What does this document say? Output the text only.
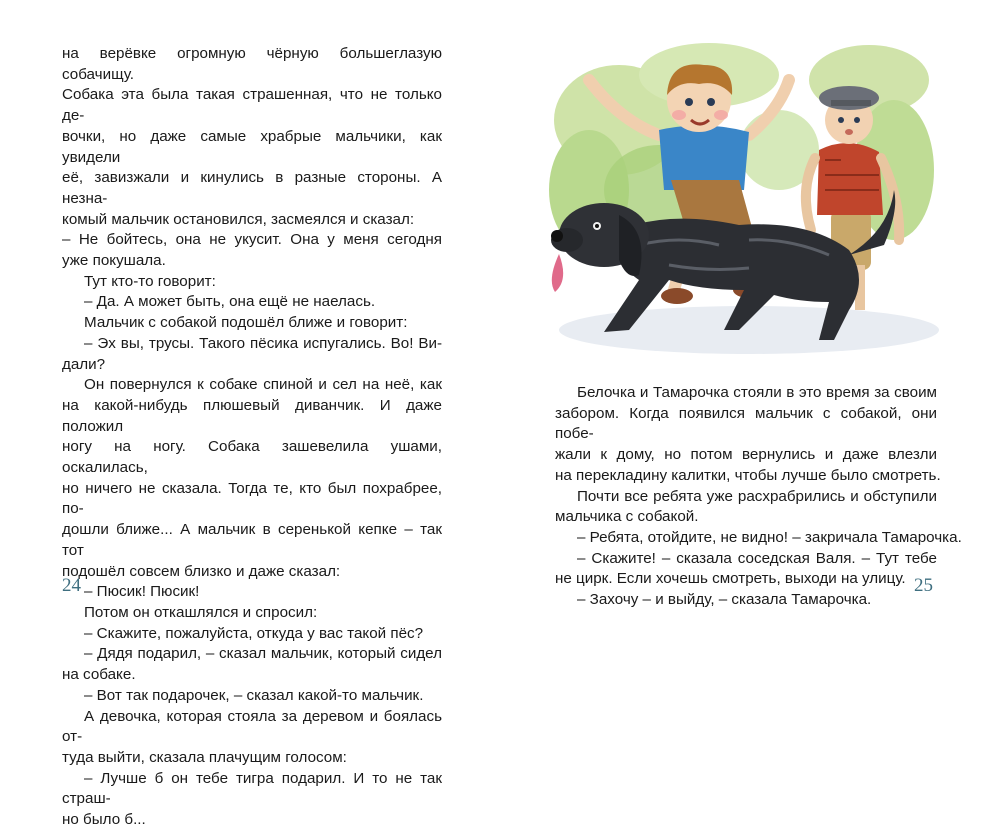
на верёвке огромную чёрную большеглазую собачищу.
Собака эта была такая страшенная, что не только де-
вочки, но даже самые храбрые мальчики, как увидели
её, завизжали и кинулись в разные стороны. А незна-
комый мальчик остановился, засмеялся и сказал:
– Не бойтесь, она не укусит. Она у меня сегодня
уже покушала.
Тут кто-то говорит:
– Да. А может быть, она ещё не наелась.
Мальчик с собакой подошёл ближе и говорит:
– Эх вы, трусы. Такого пёсика испугались. Во! Ви-
дали?
Он повернулся к собаке спиной и сел на неё, как
на какой-нибудь плюшевый диванчик. И даже положил
ногу на ногу. Собака зашевелила ушами, оскалилась,
но ничего не сказала. Тогда те, кто был похрабрее, по-
дошли ближе... А мальчик в серенькой кепке – так тот
подошёл совсем близко и даже сказал:
– Пюсик! Пюсик!
Потом он откашлялся и спросил:
– Скажите, пожалуйста, откуда у вас такой пёс?
– Дядя подарил, – сказал мальчик, который сидел
на собаке.
– Вот так подарочек, – сказал какой-то мальчик.
А девочка, которая стояла за деревом и боялась от-
туда выйти, сказала плачущим голосом:
– Лучше б он тебе тигра подарил. И то не так страш-
но было б...
24
Белочка и Тамарочка стояли в это время за своим
забором. Когда появился мальчик с собакой, они побе-
жали к дому, но потом вернулись и даже влезли
на перекладину калитки, чтобы лучше было смотреть.
Почти все ребята уже расхрабрились и обступили
мальчика с собакой.
– Ребята, отойдите, не видно! – закричала Тамарочка.
– Скажите! – сказала соседская Валя. – Тут тебе
не цирк. Если хочешь смотреть, выходи на улицу.
– Захочу – и выйду, – сказала Тамарочка.
25
